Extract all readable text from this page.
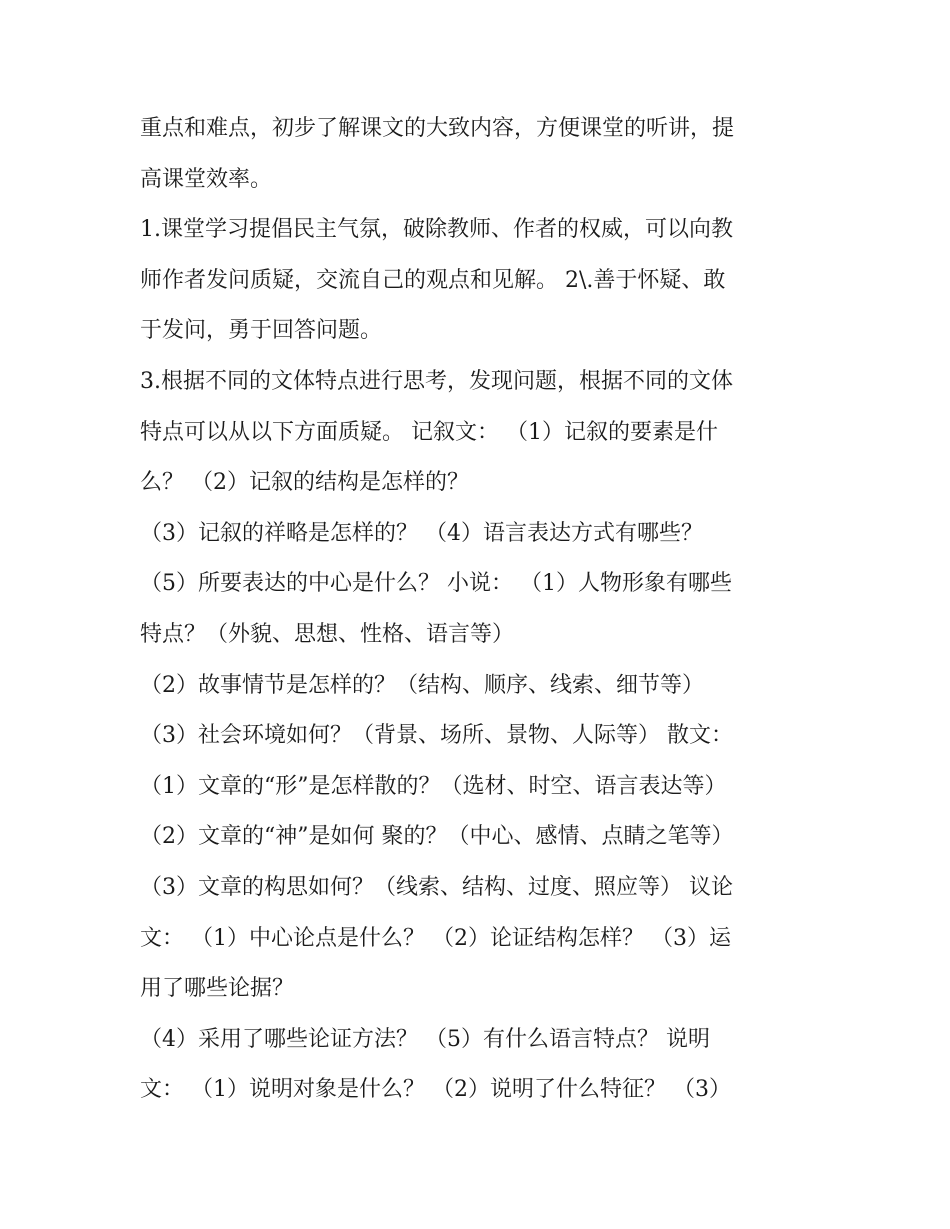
重点和难点，初步了解课文的大致内容，方便课堂的听讲，提
高课堂效率。
1.课堂学习提倡民主气氛，破除教师、作者的权威，可以向教
师作者发问质疑，交流自己的观点和见解。 2\.善于怀疑、敢
于发问，勇于回答问题。
3.根据不同的文体特点进行思考，发现问题，根据不同的文体
特点可以从以下方面质疑。 记叙文： （1）记叙的要素是什
么？ （2）记叙的结构是怎样的？
（3）记叙的祥略是怎样的？ （4）语言表达方式有哪些？
（5）所要表达的中心是什么？ 小说： （1）人物形象有哪些
特点？（外貌、思想、性格、语言等）
（2）故事情节是怎样的？（结构、顺序、线索、细节等）
（3）社会环境如何？（背景、场所、景物、人际等） 散文：
（1）文章的“形”是怎样散的？（选材、时空、语言表达等）
（2）文章的“神”是如何 聚的？（中心、感情、点睛之笔等）
（3）文章的构思如何？（线索、结构、过度、照应等） 议论
文： （1）中心论点是什么？ （2）论证结构怎样？ （3）运
用了哪些论据？
（4）采用了哪些论证方法？ （5）有什么语言特点？ 说明
文： （1）说明对象是什么？ （2）说明了什么特征？ （3）
